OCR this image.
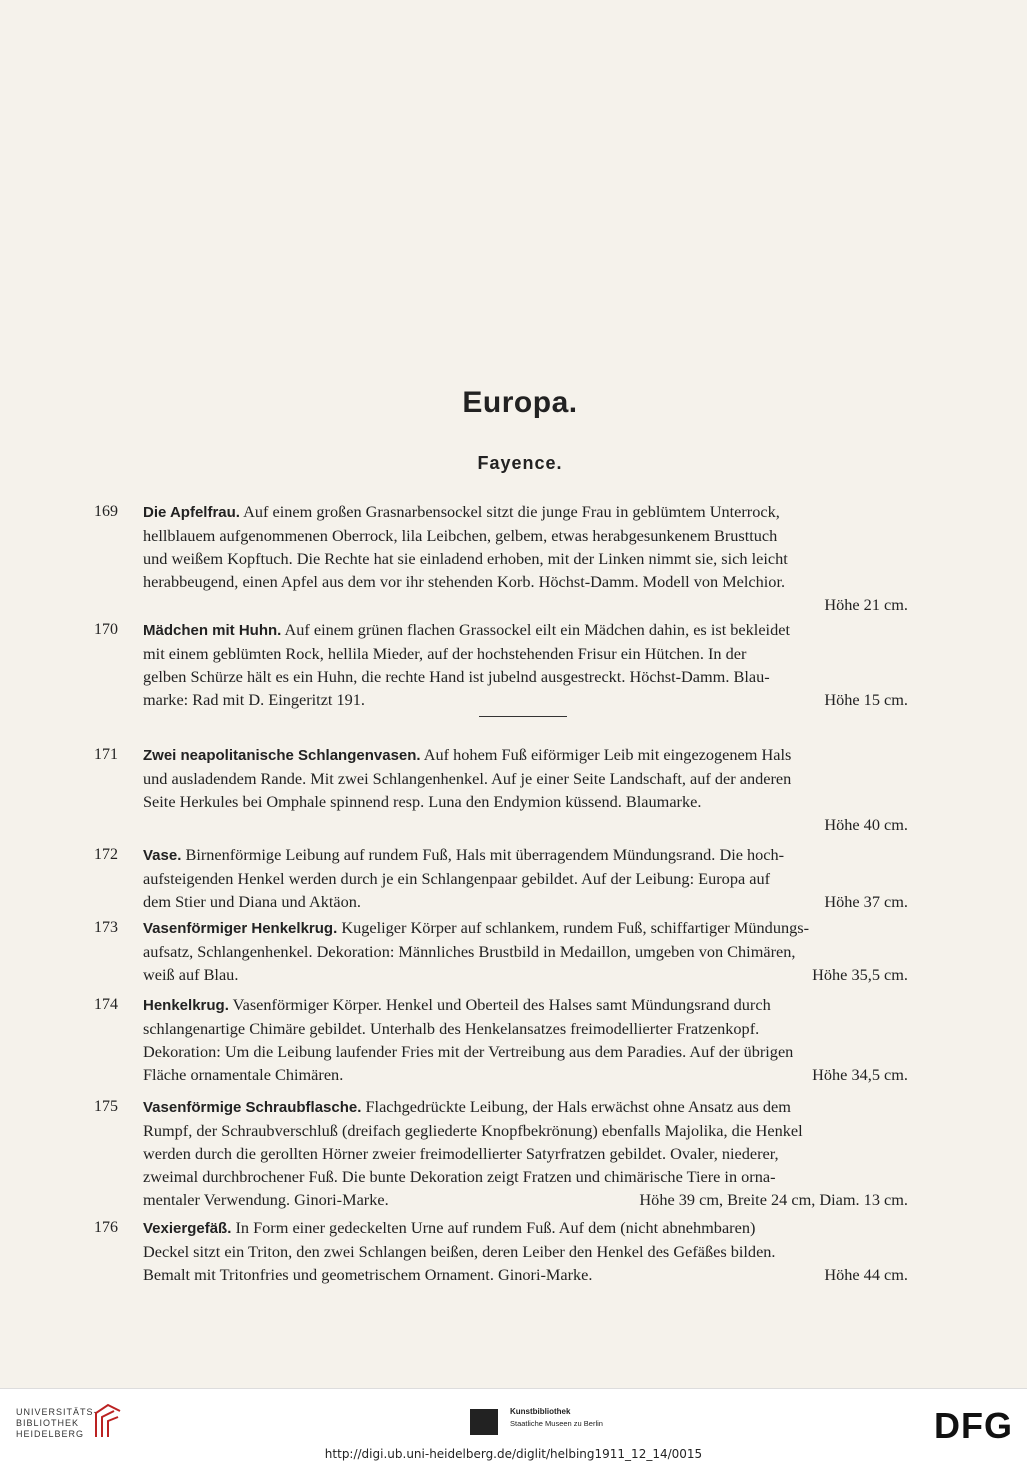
Europa.
Fayence.
169	Die Apfelfrau. Auf einem großen Grasnarbensockel sitzt die junge Frau in geblümtem Unterrock,
hellblauem aufgenommenen Oberrock, lila Leibchen, gelbem, etwas herabgesunkenem Brusttuch
und weißem Kopftuch. Die Rechte hat sie einladend erhoben, mit der Linken nimmt sie, sich leicht
herabbeugend, einen Apfel aus dem vor ihr stehenden Korb. Höchst-Damm. Modell von Melchior.
Höhe 21 cm.
170	Mädchen mit Huhn. Auf einem grünen flachen Grassockel eilt ein Mädchen dahin, es ist bekleidet
mit einem geblümten Rock, hellila Mieder, auf der hochstehenden Frisur ein Hütchen. In der
gelben Schürze hält es ein Huhn, die rechte Hand ist jubelnd ausgestreckt. Höchst-Damm. Blau-
marke: Rad mit D. Eingeritzt 191.	Höhe 15 cm.
171	Zwei neapolitanische Schlangenvasen. Auf hohem Fuß eiförmiger Leib mit eingezogenem Hals
und ausladendem Rande. Mit zwei Schlangenhenkel. Auf je einer Seite Landschaft, auf der anderen
Seite Herkules bei Omphale spinnend resp. Luna den Endymion küssend. Blaumarke.
Höhe 40 cm.
172	Vase. Birnenförmige Leibung auf rundem Fuß, Hals mit überragendem Mündungsrand. Die hoch-
aufsteigenden Henkel werden durch je ein Schlangenpaar gebildet. Auf der Leibung: Europa auf
dem Stier und Diana und Aktäon.	Höhe 37 cm.
173	Vasenförmiger Henkelkrug. Kugeliger Körper auf schlankem, rundem Fuß, schiffartiger Mündungs-
aufsatz, Schlangenhenkel. Dekoration: Männliches Brustbild in Medaillon, umgeben von Chimären,
weiß auf Blau.	Höhe 35,5 cm.
174	Henkelkrug. Vasenförmiger Körper. Henkel und Oberteil des Halses samt Mündungsrand durch
schlangenartige Chimäre gebildet. Unterhalb des Henkelansatzes freimodellierter Fratzenkopf.
Dekoration: Um die Leibung laufender Fries mit der Vertreibung aus dem Paradies. Auf der übrigen
Fläche ornamentale Chimären.	Höhe 34,5 cm.
175	Vasenförmige Schraubflasche. Flachgedrückte Leibung, der Hals erwächst ohne Ansatz aus dem
Rumpf, der Schraubverschluß (dreifach gegliederte Knopfbekrönung) ebenfalls Majolika, die Henkel
werden durch die gerollten Hörner zweier freimodellierter Satyrfratzen gebildet. Ovaler, niederer,
zweimal durchbrochener Fuß. Die bunte Dekoration zeigt Fratzen und chimärische Tiere in orna-
mentaler Verwendung. Ginori-Marke.	Höhe 39 cm, Breite 24 cm, Diam. 13 cm.
176	Vexiergefäß. In Form einer gedeckelten Urne auf rundem Fuß. Auf dem (nicht abnehmbaren)
Deckel sitzt ein Triton, den zwei Schlangen beißen, deren Leiber den Henkel des Gefäßes bilden.
Bemalt mit Tritonfries und geometrischem Ornament. Ginori-Marke.	Höhe 44 cm.
UNIVERSITÄTS-
BIBLIOTHEK
HEIDELBERG
Kunstbibliothek
Staatliche Museen zu Berlin	DFG
http://digi.ub.uni-heidelberg.de/diglit/helbing1911_12_14/0015
